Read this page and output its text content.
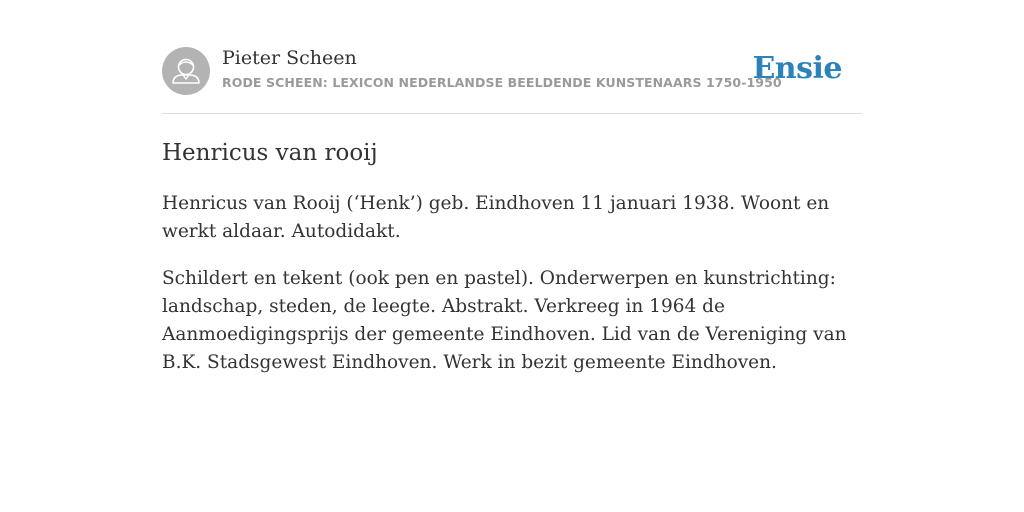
Pieter Scheen
RODE SCHEEN: LEXICON NEDERLANDSE BEELDENDE KUNSTENAARS 1750-1950
Ensie
Henricus van rooij

Henricus van Rooij (‘Henk’) geb. Eindhoven 11 januari 1938. Woont en werkt aldaar. Autodidakt.

Schildert en tekent (ook pen en pastel). Onderwerpen en kunstrichting: landschap, steden, de leegte. Abstrakt. Verkreeg in 1964 de Aanmoedigingsprijs der gemeente Eindhoven. Lid van de Vereniging van B.K. Stadsgewest Eindhoven. Werk in bezit gemeente Eindhoven.
